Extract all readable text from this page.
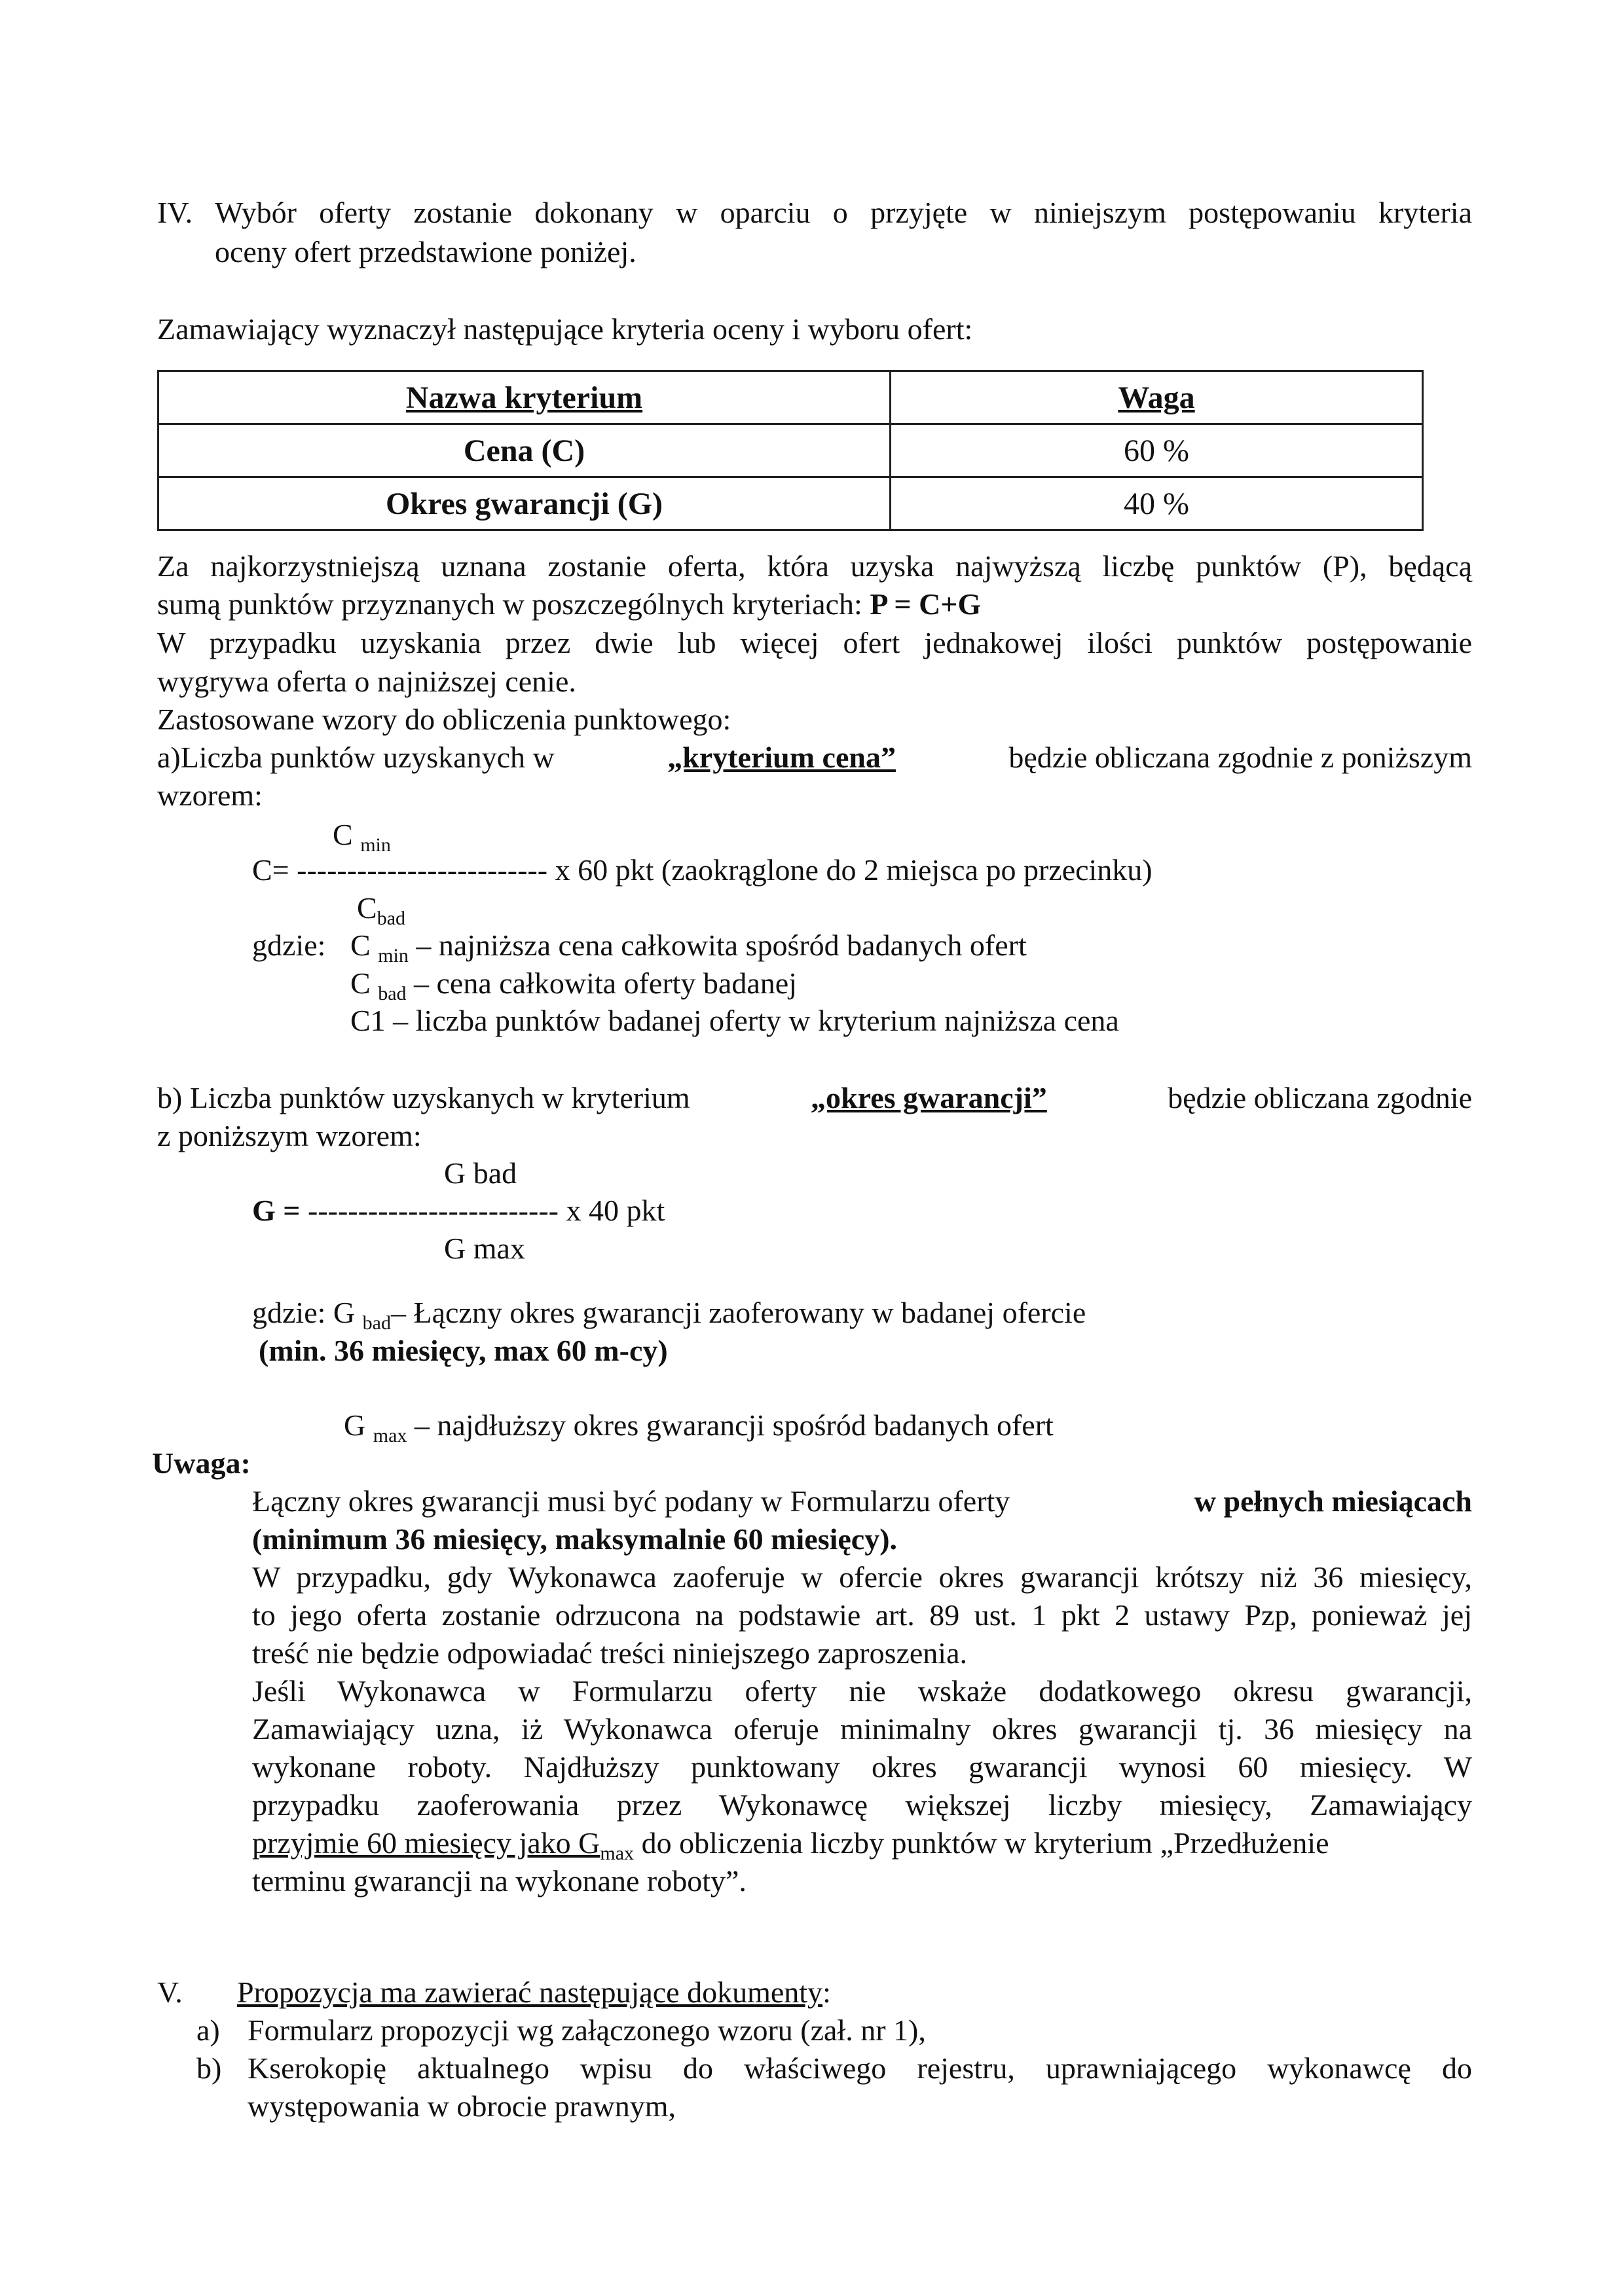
IV. Wybór oferty zostanie dokonany w oparciu o przyjęte w niniejszym postępowaniu kryteria
oceny ofert przedstawione poniżej.
Zamawiający wyznaczył następujące kryteria oceny i wyboru ofert:
Nazwa kryterium	Waga
Cena (C)	60 %
Okres gwarancji (G)	40 %
Za najkorzystniejszą uznana zostanie oferta, która uzyska najwyższą liczbę punktów (P), będącą
sumą punktów przyznanych w poszczególnych kryteriach: P = C+G
W przypadku uzyskania przez dwie lub więcej ofert jednakowej ilości punktów postępowanie
wygrywa oferta o najniższej cenie.
Zastosowane wzory do obliczenia punktowego:
a)Liczba punktów uzyskanych w	„kryterium cena”	będzie obliczana zgodnie z poniższym
wzorem:
C $_{min}$
C= ------------------------- x 60 pkt (zaokrąglone do 2 miejsca po przecinku)
$C_{bad}$
gdzie: C $_{min}$ – najniższa cena całkowita spośród badanych ofert
C $_{bad}$ – cena całkowita oferty badanej
C1 – liczba punktów badanej oferty w kryterium najniższa cena
b) Liczba punktów uzyskanych w kryterium	„okres gwarancji”	będzie obliczana zgodnie
z poniższym wzorem:
G bad
G = ------------------------- x 40 pkt
G max
gdzie: G $_{bad}$– Łączny okres gwarancji zaoferowany w badanej ofercie
(min. 36 miesięcy, max 60 m-cy)
G $_{max}$ – najdłuższy okres gwarancji spośród badanych ofert
Uwaga:
Łączny okres gwarancji musi być podany w Formularzu oferty	w pełnych miesiącach
(minimum 36 miesięcy, maksymalnie 60 miesięcy).
W przypadku, gdy Wykonawca zaoferuje w ofercie okres gwarancji krótszy niż 36 miesięcy,
to jego oferta zostanie odrzucona na podstawie art. 89 ust. 1 pkt 2 ustawy Pzp, ponieważ jej
treść nie będzie odpowiadać treści niniejszego zaproszenia.
Jeśli Wykonawca w Formularzu oferty nie wskaże dodatkowego okresu gwarancji,
Zamawiający uzna, iż Wykonawca oferuje minimalny okres gwarancji tj. 36 miesięcy na
wykonane roboty. Najdłuższy punktowany okres gwarancji wynosi 60 miesięcy. W
przypadku zaoferowania przez Wykonawcę większej liczby miesięcy, Zamawiający
przyjmie 60 miesięcy jako $G_{max}$ do obliczenia liczby punktów w kryterium „Przedłużenie
terminu gwarancji na wykonane roboty”.
V. Propozycja ma zawierać następujące dokumenty:
a) Formularz propozycji wg załączonego wzoru (zał. nr 1),
b) Kserokopię aktualnego wpisu do właściwego rejestru, uprawniającego wykonawcę do
występowania w obrocie prawnym,
